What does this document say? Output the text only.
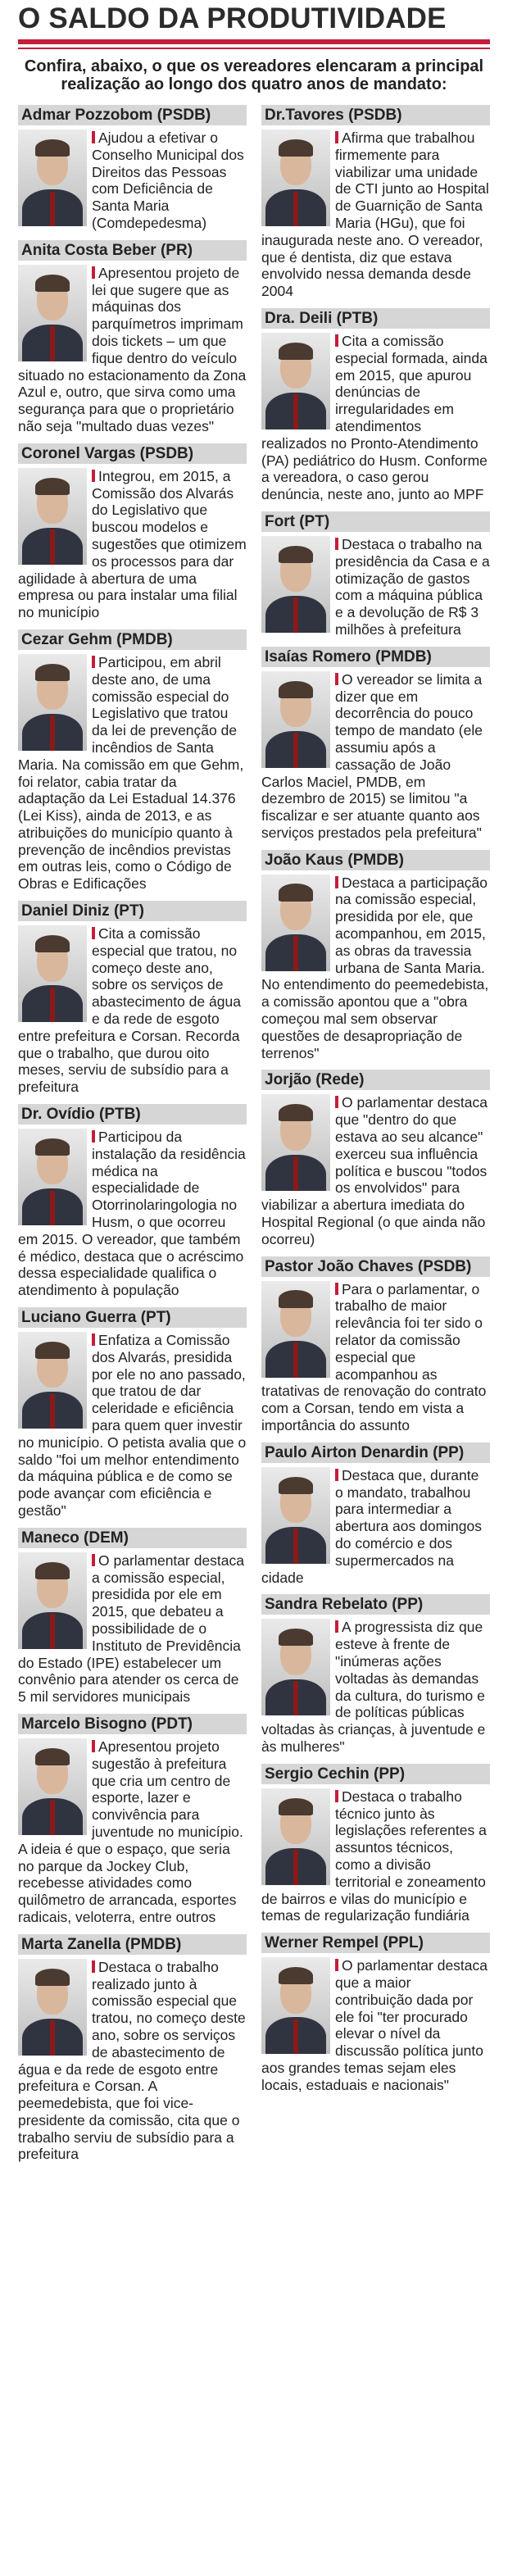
O SALDO DA PRODUTIVIDADE
Confira, abaixo, o que os vereadores elencaram a principal realização ao longo dos quatro anos de mandato:
Admar Pozzobom (PSDB)
Ajudou a efetivar o Conselho Municipal dos Direitos das Pessoas com Deficiência de Santa Maria (Comdepedesma)
Anita Costa Beber (PR)
Apresentou projeto de lei que sugere que as máquinas dos parquímetros imprimam dois tickets – um que fique dentro do veículo situado no estacionamento da Zona Azul e, outro, que sirva como uma segurança para que o proprietário não seja "multado duas vezes"
Coronel Vargas (PSDB)
Integrou, em 2015, a Comissão dos Alvarás do Legislativo que buscou modelos e sugestões que otimizem os processos para dar agilidade à abertura de uma empresa ou para instalar uma filial no município
Cezar Gehm (PMDB)
Participou, em abril deste ano, de uma comissão especial do Legislativo que tratou da lei de prevenção de incêndios de Santa Maria. Na comissão em que Gehm, foi relator, cabia tratar da adaptação da Lei Estadual 14.376 (Lei Kiss), ainda de 2013, e as atribuições do município quanto à prevenção de incêndios previstas em outras leis, como o Código de Obras e Edificações
Daniel Diniz (PT)
Cita a comissão especial que tratou, no começo deste ano, sobre os serviços de abastecimento de água e da rede de esgoto entre prefeitura e Corsan. Recorda que o trabalho, que durou oito meses, serviu de subsídio para a prefeitura
Dr. Ovídio (PTB)
Participou da instalação da residência médica na especialidade de Otorrinolaringologia no Husm, o que ocorreu em 2015. O vereador, que também é médico, destaca que o acréscimo dessa especialidade qualifica o atendimento à população
Luciano Guerra (PT)
Enfatiza a Comissão dos Alvarás, presidida por ele no ano passado, que tratou de dar celeridade e eficiência para quem quer investir no município. O petista avalia que o saldo "foi um melhor entendimento da máquina pública e de como se pode avançar com eficiência e gestão"
Maneco (DEM)
O parlamentar destaca a comissão especial, presidida por ele em 2015, que debateu a possibilidade de o Instituto de Previdência do Estado (IPE) estabelecer um convênio para atender os cerca de 5 mil servidores municipais
Marcelo Bisogno (PDT)
Apresentou projeto sugestão à prefeitura que cria um centro de esporte, lazer e convivência para juventude no município. A ideia é que o espaço, que seria no parque da Jockey Club, recebesse atividades como quilômetro de arrancada, esportes radicais, veloterra, entre outros
Marta Zanella (PMDB)
Destaca o trabalho realizado junto à comissão especial que tratou, no começo deste ano, sobre os serviços de abastecimento de água e da rede de esgoto entre prefeitura e Corsan. A peemedebista, que foi vice-presidente da comissão, cita que o trabalho serviu de subsídio para a prefeitura
Dr.Tavores (PSDB)
Afirma que trabalhou firmemente para viabilizar uma unidade de CTI junto ao Hospital de Guarnição de Santa Maria (HGu), que foi inaugurada neste ano. O vereador, que é dentista, diz que estava envolvido nessa demanda desde 2004
Dra. Deili (PTB)
Cita a comissão especial formada, ainda em 2015, que apurou denúncias de irregularidades em atendimentos realizados no Pronto-Atendimento (PA) pediátrico do Husm. Conforme a vereadora, o caso gerou denúncia, neste ano, junto ao MPF
Fort (PT)
Destaca o trabalho na presidência da Casa e a otimização de gastos com a máquina pública e a devolução de R$ 3 milhões à prefeitura
Isaías Romero (PMDB)
O vereador se limita a dizer que em decorrência do pouco tempo de mandato (ele assumiu após a cassação de João Carlos Maciel, PMDB, em dezembro de 2015) se limitou "a fiscalizar e ser atuante quanto aos serviços prestados pela prefeitura"
João Kaus (PMDB)
Destaca a participação na comissão especial, presidida por ele, que acompanhou, em 2015, as obras da travessia urbana de Santa Maria. No entendimento do peemedebista, a comissão apontou que a "obra começou mal sem observar questões de desapropriação de terrenos"
Jorjão (Rede)
O parlamentar destaca que "dentro do que estava ao seu alcance" exerceu sua influência política e buscou "todos os envolvidos" para viabilizar a abertura imediata do Hospital Regional (o que ainda não ocorreu)
Pastor João Chaves (PSDB)
Para o parlamentar, o trabalho de maior relevância foi ter sido o relator da comissão especial que acompanhou as tratativas de renovação do contrato com a Corsan, tendo em vista a importância do assunto
Paulo Airton Denardin (PP)
Destaca que, durante o mandato, trabalhou para intermediar a abertura aos domingos do comércio e dos supermercados na cidade
Sandra Rebelato (PP)
A progressista diz que esteve à frente de "inúmeras ações voltadas às demandas da cultura, do turismo e de políticas públicas voltadas às crianças, à juventude e às mulheres"
Sergio Cechin (PP)
Destaca o trabalho técnico junto às legislações referentes a assuntos técnicos, como a divisão territorial e zoneamento de bairros e vilas do município e temas de regularização fundiária
Werner Rempel (PPL)
O parlamentar destaca que a maior contribuição dada por ele foi "ter procurado elevar o nível da discussão política junto aos grandes temas sejam eles locais, estaduais e nacionais"
